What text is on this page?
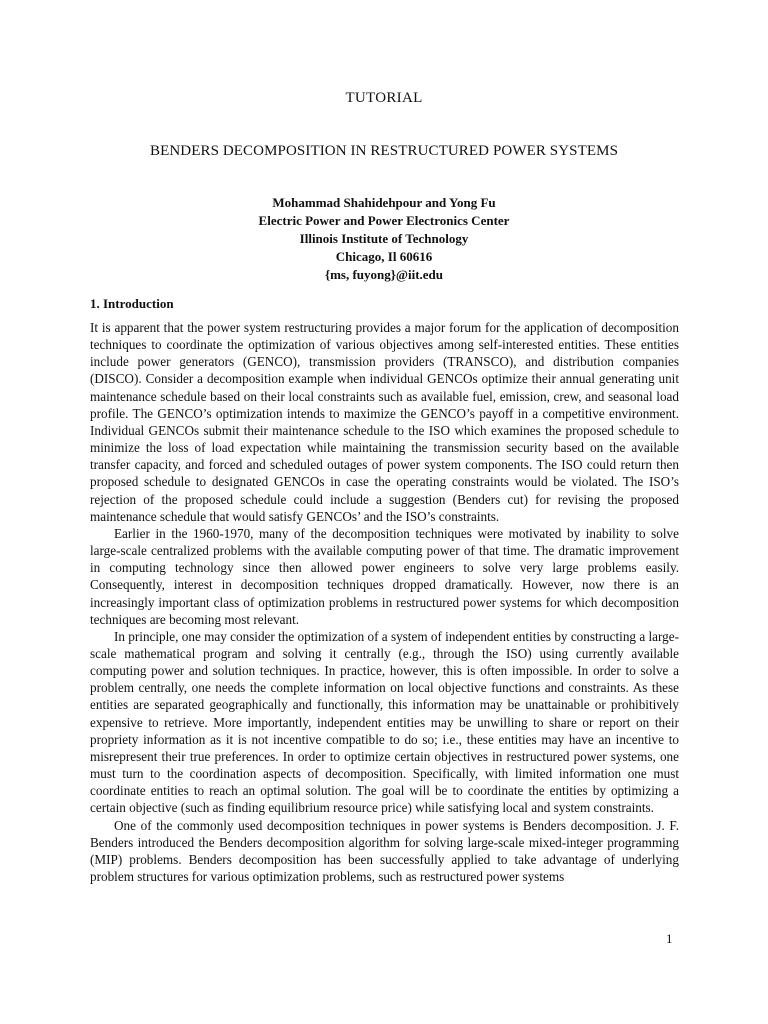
TUTORIAL
BENDERS DECOMPOSITION IN RESTRUCTURED POWER SYSTEMS
Mohammad Shahidehpour and Yong Fu
Electric Power and Power Electronics Center
Illinois Institute of Technology
Chicago, Il 60616
{ms, fuyong}@iit.edu
1. Introduction

It is apparent that the power system restructuring provides a major forum for the application of decomposition techniques to coordinate the optimization of various objectives among self-interested entities. These entities include power generators (GENCO), transmission providers (TRANSCO), and distribution companies (DISCO). Consider a decomposition example when individual GENCOs optimize their annual generating unit maintenance schedule based on their local constraints such as available fuel, emission, crew, and seasonal load profile. The GENCO’s optimization intends to maximize the GENCO’s payoff in a competitive environment. Individual GENCOs submit their maintenance schedule to the ISO which examines the proposed schedule to minimize the loss of load expectation while maintaining the transmission security based on the available transfer capacity, and forced and scheduled outages of power system components. The ISO could return then proposed schedule to designated GENCOs in case the operating constraints would be violated. The ISO’s rejection of the proposed schedule could include a suggestion (Benders cut) for revising the proposed maintenance schedule that would satisfy GENCOs’ and the ISO’s constraints.

Earlier in the 1960-1970, many of the decomposition techniques were motivated by inability to solve large-scale centralized problems with the available computing power of that time. The dramatic improvement in computing technology since then allowed power engineers to solve very large problems easily. Consequently, interest in decomposition techniques dropped dramatically. However, now there is an increasingly important class of optimization problems in restructured power systems for which decomposition techniques are becoming most relevant.

In principle, one may consider the optimization of a system of independent entities by constructing a large-scale mathematical program and solving it centrally (e.g., through the ISO) using currently available computing power and solution techniques. In practice, however, this is often impossible. In order to solve a problem centrally, one needs the complete information on local objective functions and constraints. As these entities are separated geographically and functionally, this information may be unattainable or prohibitively expensive to retrieve. More importantly, independent entities may be unwilling to share or report on their propriety information as it is not incentive compatible to do so; i.e., these entities may have an incentive to misrepresent their true preferences. In order to optimize certain objectives in restructured power systems, one must turn to the coordination aspects of decomposition. Specifically, with limited information one must coordinate entities to reach an optimal solution. The goal will be to coordinate the entities by optimizing a certain objective (such as finding equilibrium resource price) while satisfying local and system constraints.

One of the commonly used decomposition techniques in power systems is Benders decomposition. J. F. Benders introduced the Benders decomposition algorithm for solving large-scale mixed-integer programming (MIP) problems. Benders decomposition has been successfully applied to take advantage of underlying problem structures for various optimization problems, such as restructured power systems

1
